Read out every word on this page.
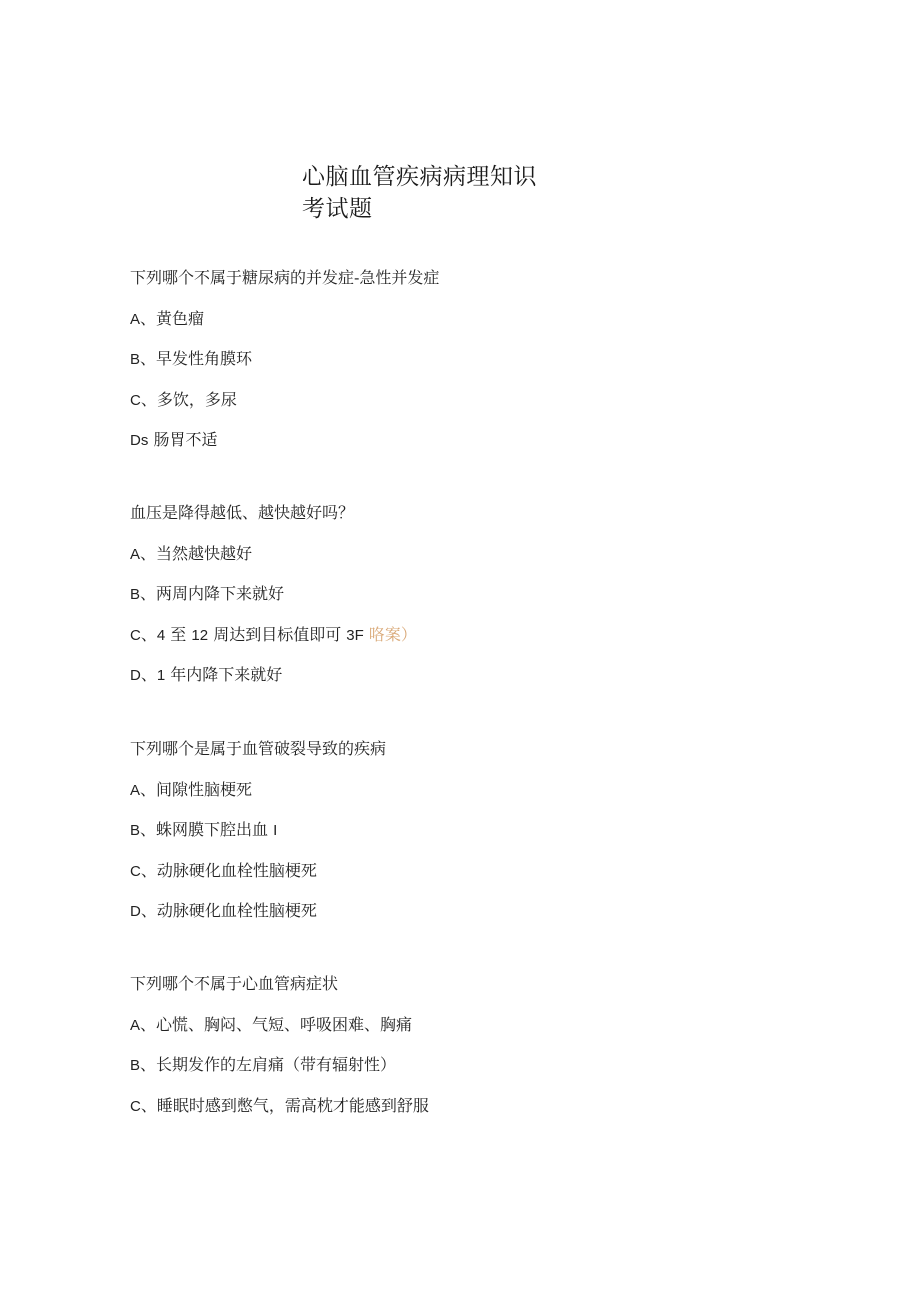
心脑血管疾病病理知识考试题
下列哪个不属于糖尿病的并发症-急性并发症
A、黄色瘤
B、早发性角膜环
C、多饮，多尿
Ds 肠胃不适
血压是降得越低、越快越好吗？
A、当然越快越好
B、两周内降下来就好
C、4 至 12 周达到目标值即可 3F 咯案）
D、1 年内降下来就好
下列哪个是属于血管破裂导致的疾病
A、间隙性脑梗死
B、蛛网膜下腔出血 I
C、动脉硬化血栓性脑梗死
D、动脉硬化血栓性脑梗死
下列哪个不属于心血管病症状
A、心慌、胸闷、气短、呼吸困难、胸痛
B、长期发作的左肩痛（带有辐射性）
C、睡眠时感到憋气，需高枕才能感到舒服
